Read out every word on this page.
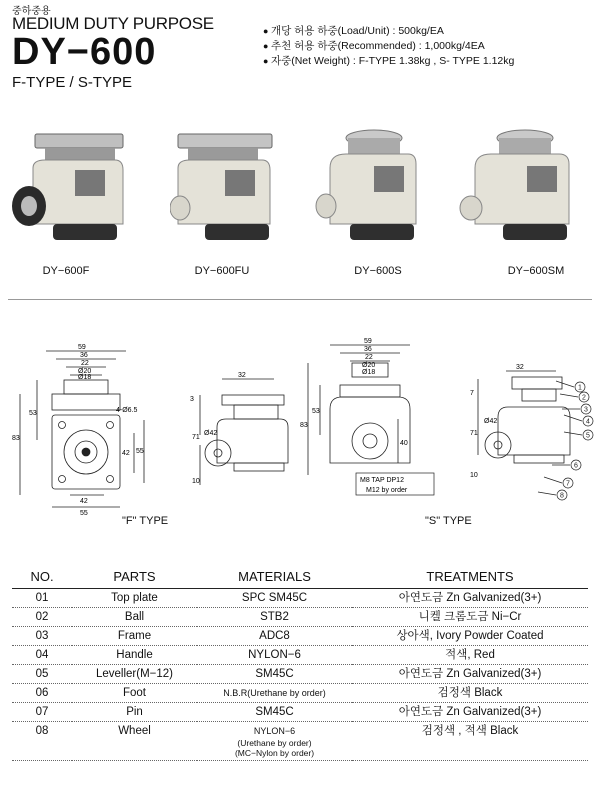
중하중용
MEDIUM DUTY PURPOSE
DY−600
F-TYPE / S-TYPE
● 개당 허용 하중(Load/Unit) : 500kg/EA
● 추천 허용 하중(Recommended) : 1,000kg/4EA
● 자중(Net Weight) : F-TYPE 1.38kg , S- TYPE 1.12kg
DY−600F	DY−600FU	DY−600S	DY−600SM
59
36
22
Ø20
Ø18
53
83
42 55
42
55
4-Ø6.5
32
3
71
Ø42
10
"F" TYPE
59
36
22
Ø20
Ø18
53
83
40
M8 TAP DP12
M12 by order
32
7
71
Ø42
10
1
2
3
4
5
6
7
8
"S" TYPE
NO.	PARTS	MATERIALS	TREATMENTS
01	Top plate	SPC SM45C	아연도금 Zn Galvanized(3+)
02	Ball	STB2	니켈 크롬도금 Ni−Cr
03	Frame	ADC8	상아색, Ivory Powder Coated
04	Handle	NYLON−6	적색, Red
05	Leveller(M−12)	SM45C	아연도금 Zn Galvanized(3+)
06	Foot	N.B.R(Urethane by order)	검정색 Black
07	Pin	SM45C	아연도금 Zn Galvanized(3+)
08	Wheel	NYLON−6
(Urethane by order)
(MC−Nylon by order)	검정색 , 적색 Black
